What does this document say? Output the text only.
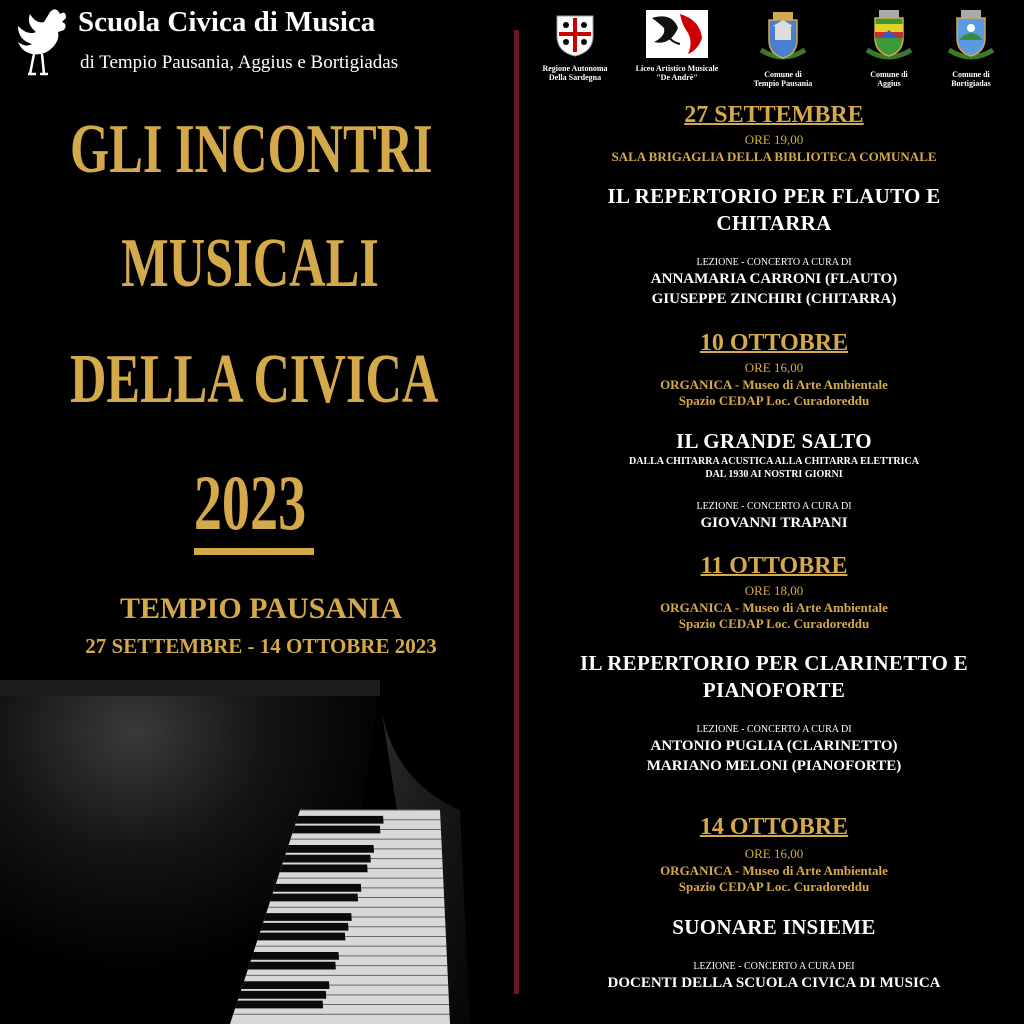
Scuola Civica di Musica
di Tempio Pausania, Aggius e Bortigiadas
GLI INCONTRI
MUSICALI
DELLA CIVICA
2023
TEMPIO PAUSANIA
27 SETTEMBRE - 14 OTTOBRE 2023
Regione Autonoma
Della Sardegna
Liceo Artistico Musicale
"De Andrè"	Comune di
Tempio Pausania
Comune di
Aggius
Comune di
Bortigiadas
27 SETTEMBRE
ORE 19,00
SALA BRIGAGLIA DELLA BIBLIOTECA COMUNALE
IL REPERTORIO PER FLAUTO E
CHITARRA
LEZIONE - CONCERTO A CURA DI
ANNAMARIA CARRONI (FLAUTO)
GIUSEPPE ZINCHIRI (CHITARRA)
10 OTTOBRE
ORE 16,00
ORGANICA - Museo di Arte Ambientale
Spazio CEDAP Loc. Curadoreddu
IL GRANDE SALTO
DALLA CHITARRA ACUSTICA ALLA CHITARRA ELETTRICA
DAL 1930 AI NOSTRI GIORNI
LEZIONE - CONCERTO A CURA DI
GIOVANNI TRAPANI
11 OTTOBRE
ORE 18,00
ORGANICA - Museo di Arte Ambientale
Spazio CEDAP Loc. Curadoreddu
IL REPERTORIO PER CLARINETTO E
PIANOFORTE
LEZIONE - CONCERTO A CURA DI
ANTONIO PUGLIA (CLARINETTO)
MARIANO MELONI (PIANOFORTE)
14 OTTOBRE
ORE 16,00
ORGANICA - Museo di Arte Ambientale
Spazio CEDAP Loc. Curadoreddu
SUONARE INSIEME
LEZIONE - CONCERTO A CURA DEI
DOCENTI DELLA SCUOLA CIVICA DI MUSICA
